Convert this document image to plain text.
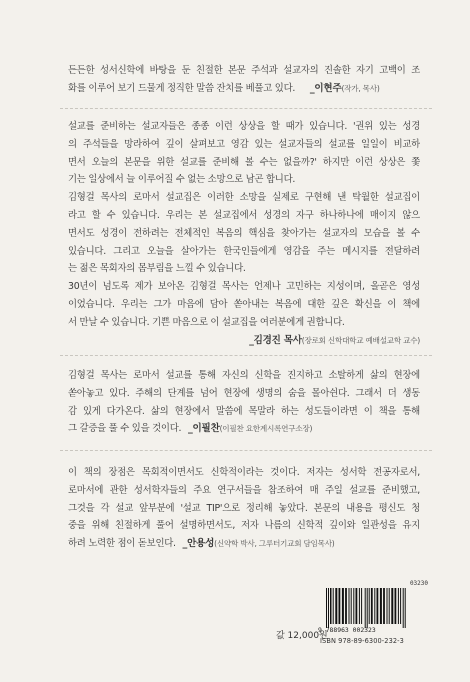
든든한 성서신학에 바탕을 둔 친절한 본문 주석과 설교자의 진솔한 자기 고백이 조
화를 이루어 보기 드물게 정직한 말씀 잔치를 베풀고 있다. _이현주(작가, 목사)
설교를 준비하는 설교자들은 종종 이런 상상을 할 때가 있습니다. '권위 있는 성경
의 주석들을 망라하여 깊이 살펴보고 영감 있는 설교자들의 설교를 일일이 비교하
면서 오늘의 본문을 위한 설교를 준비해 볼 수는 없을까?' 하지만 이런 상상은 쫓
기는 일상에서 늘 이루어질 수 없는 소망으로 남곤 합니다.
김형걸 목사의 로마서 설교집은 이러한 소망을 실제로 구현해 낸 탁월한 설교집이
라고 할 수 있습니다. 우리는 본 설교집에서 성경의 자구 하나하나에 매이지 않으
면서도 성경이 전하려는 전체적인 복음의 핵심을 찾아가는 설교자의 모습을 볼 수
있습니다. 그리고 오늘을 살아가는 한국인들에게 영감을 주는 메시지를 전달하려
는 젊은 목회자의 몸부림을 느낄 수 있습니다.
30년이 넘도록 제가 보아온 김형걸 목사는 언제나 고민하는 지성이며, 올곧은 영성
이었습니다. 우리는 그가 마음에 담아 쏟아내는 복음에 대한 깊은 확신을 이 책에
서 만날 수 있습니다. 기쁜 마음으로 이 설교집을 여러분에게 권합니다.
_김경진 목사(장로회 신학대학교 예배설교학 교수)
김형걸 목사는 로마서 설교를 통해 자신의 신학을 진지하고 소탈하게 삶의 현장에
쏟아놓고 있다. 주해의 단계를 넘어 현장에 생명의 숨을 몰아쉰다. 그래서 더 생동
감 있게 다가온다. 삶의 현장에서 말씀에 목말라 하는 성도들이라면 이 책을 통해
그 갈증을 풀 수 있을 것이다. _이필찬(이필찬 요한계시록연구소장)
이 책의 장점은 목회적이면서도 신학적이라는 것이다. 저자는 성서학 전공자로서,
로마서에 관한 성서학자들의 주요 연구서들을 참조하여 매 주일 설교를 준비했고,
그것을 각 설교 앞부분에 '설교 TIP'으로 정리해 놓았다. 본문의 내용을 평신도 청
중을 위해 친절하게 풀어 설명하면서도, 저자 나름의 신학적 깊이와 일관성을 유지
하려 노력한 점이 돋보인다. _안용성(신약학 박사, 그루터기교회 담임목사)
값 12,000원
03230
9 788963 002323
ISBN 978-89-6300-232-3
